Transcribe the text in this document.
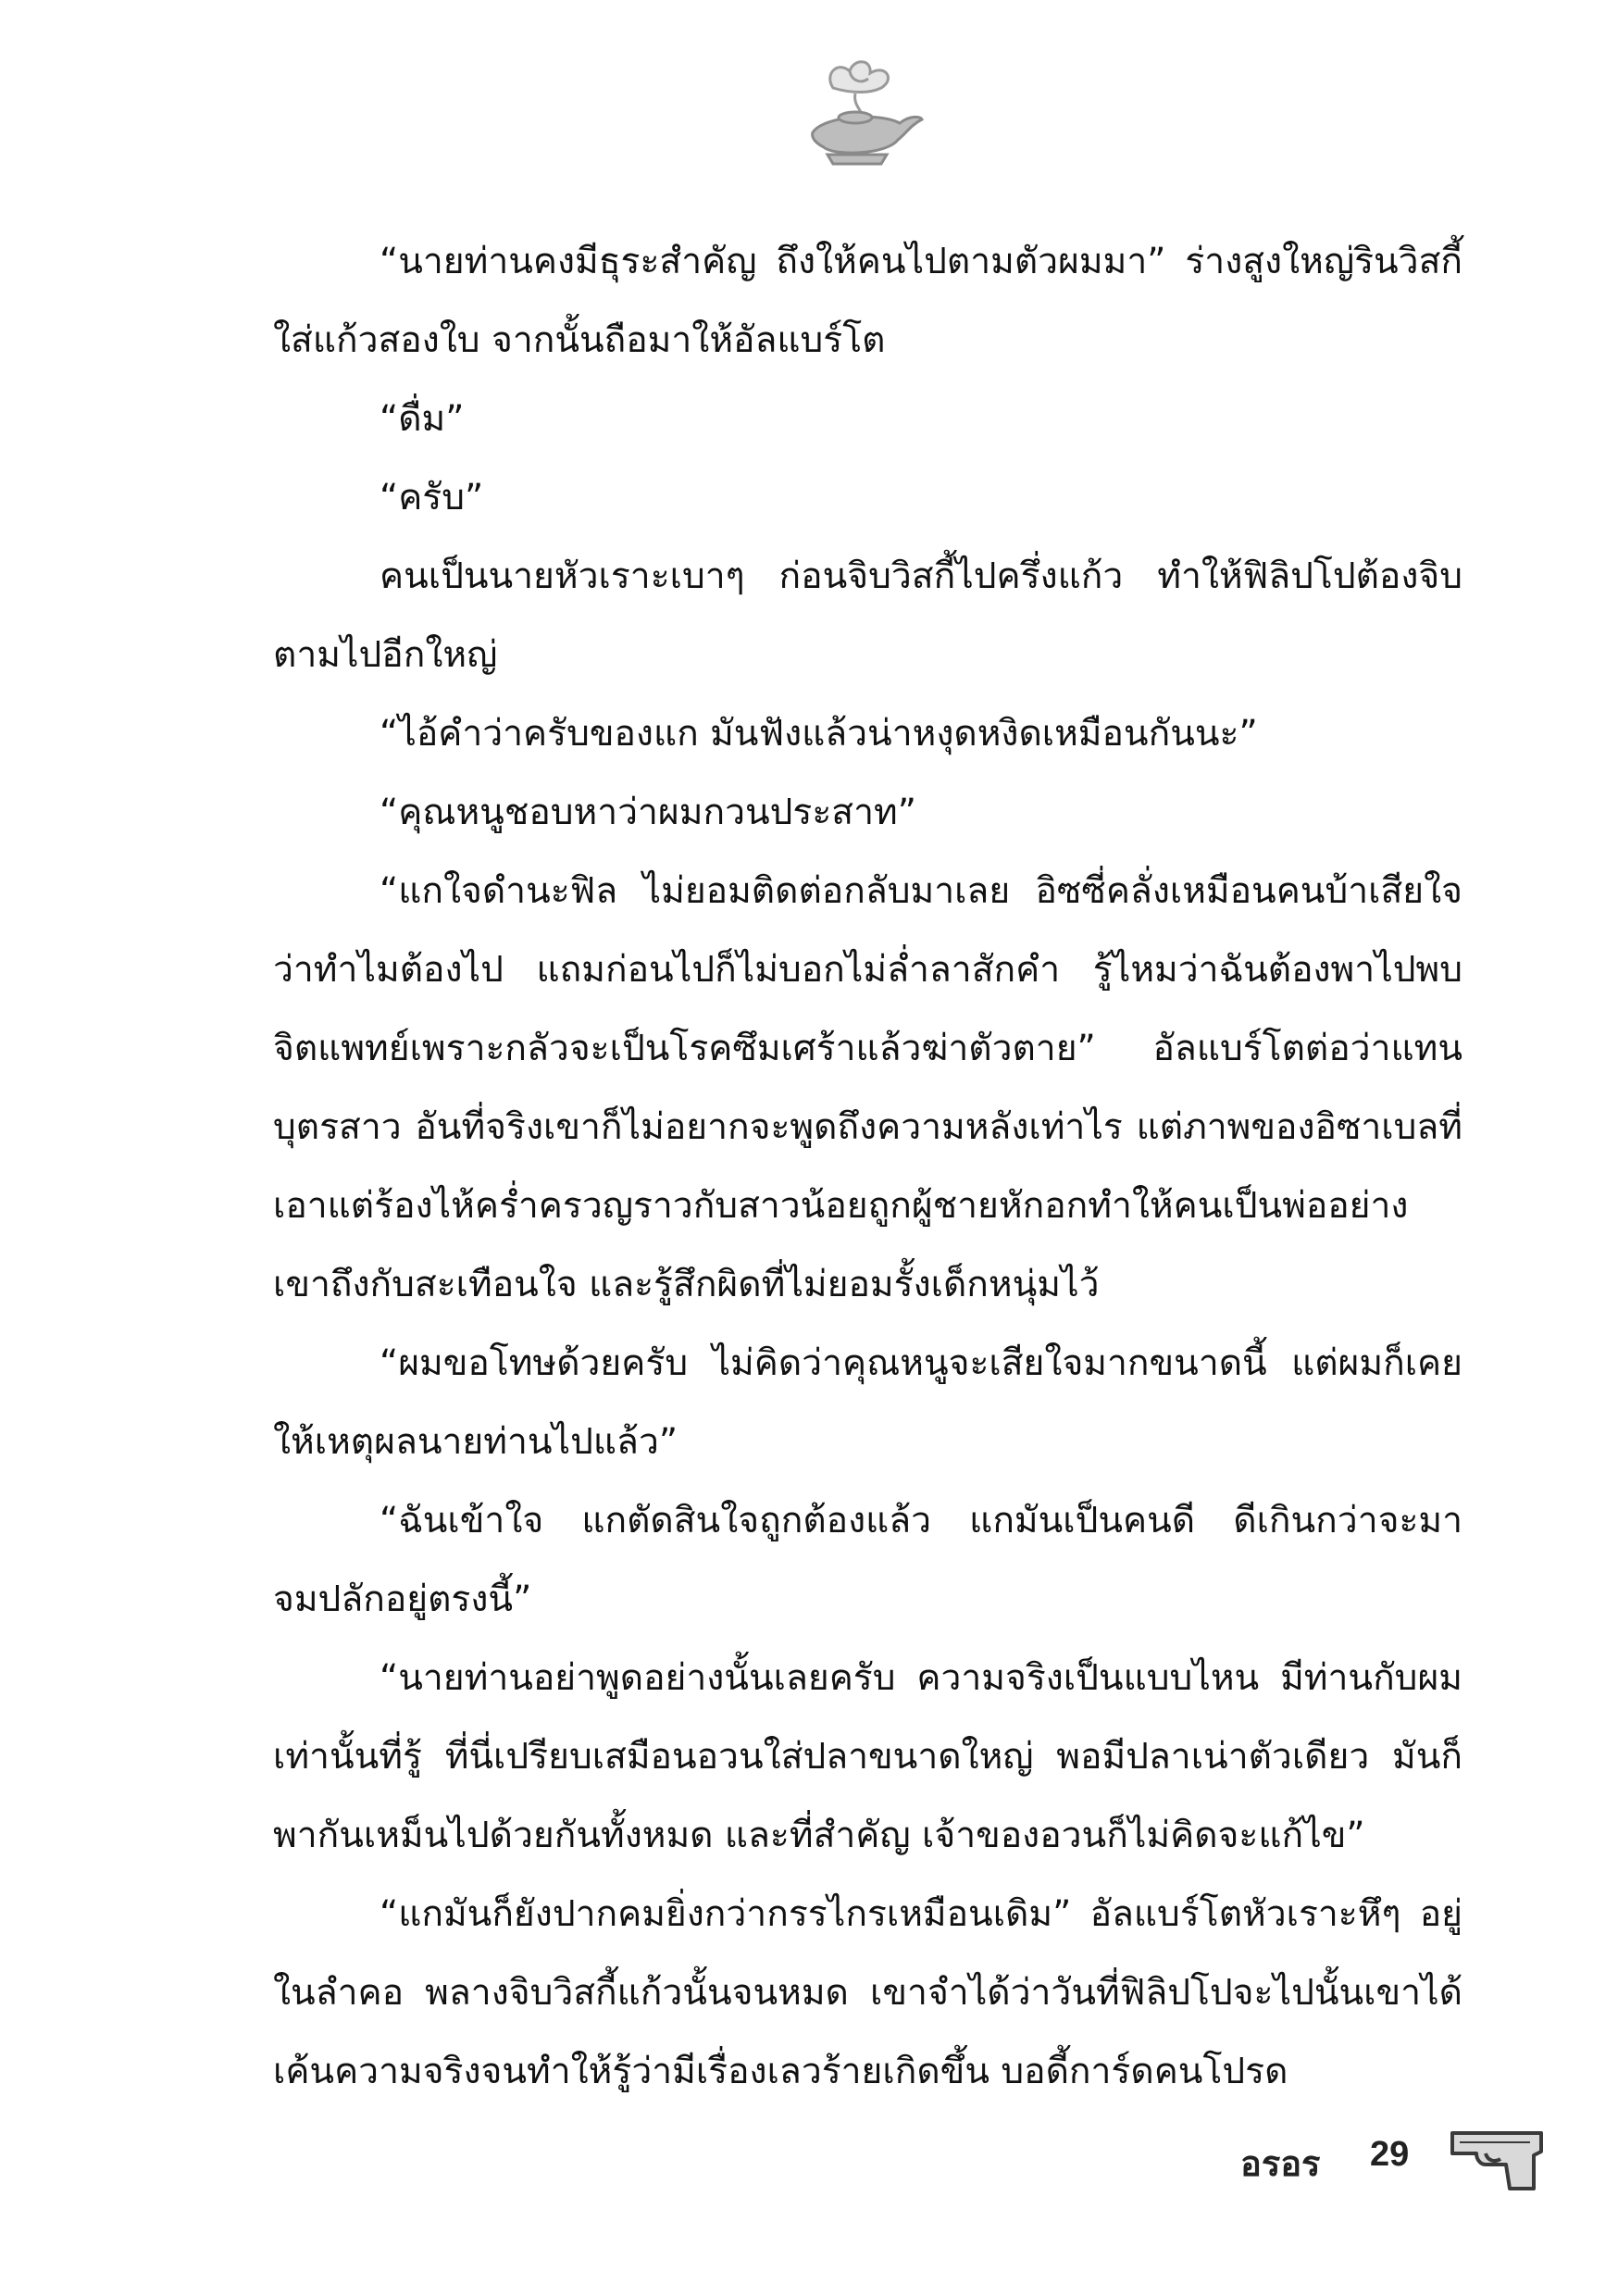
“นายท่านคงมีธุระสำคัญ ถึงให้คนไปตามตัวผมมา” ร่างสูงใหญ่รินวิสกี้ใส่แก้วสองใบ จากนั้นถือมาให้อัลแบร์โต

“ดื่ม”

“ครับ”

คนเป็นนายหัวเราะเบาๆ ก่อนจิบวิสกี้ไปครึ่งแก้ว ทำให้ฟิลิปโปต้องจิบตามไปอีกใหญ่

“ไอ้คำว่าครับของแก มันฟังแล้วน่าหงุดหงิดเหมือนกันนะ”

“คุณหนูชอบหาว่าผมกวนประสาท”

“แกใจดำนะฟิล ไม่ยอมติดต่อกลับมาเลย อิซซี่คลั่งเหมือนคนบ้าเสียใจว่าทำไมต้องไป แถมก่อนไปก็ไม่บอกไม่ล่ำลาสักคำ รู้ไหมว่าฉันต้องพาไปพบจิตแพทย์เพราะกลัวจะเป็นโรคซึมเศร้าแล้วฆ่าตัวตาย” อัลแบร์โตต่อว่าแทนบุตรสาว อันที่จริงเขาก็ไม่อยากจะพูดถึงความหลังเท่าไร แต่ภาพของอิซาเบลที่เอาแต่ร้องไห้คร่ำครวญราวกับสาวน้อยถูกผู้ชายหักอกทำให้คนเป็นพ่ออย่างเขาถึงกับสะเทือนใจ และรู้สึกผิดที่ไม่ยอมรั้งเด็กหนุ่มไว้

“ผมขอโทษด้วยครับ ไม่คิดว่าคุณหนูจะเสียใจมากขนาดนี้ แต่ผมก็เคยให้เหตุผลนายท่านไปแล้ว”

“ฉันเข้าใจ แกตัดสินใจถูกต้องแล้ว แกมันเป็นคนดี ดีเกินกว่าจะมาจมปลักอยู่ตรงนี้”

“นายท่านอย่าพูดอย่างนั้นเลยครับ ความจริงเป็นแบบไหน มีท่านกับผมเท่านั้นที่รู้ ที่นี่เปรียบเสมือนอวนใส่ปลาขนาดใหญ่ พอมีปลาเน่าตัวเดียว มันก็พากันเหม็นไปด้วยกันทั้งหมด และที่สำคัญ เจ้าของอวนก็ไม่คิดจะแก้ไข”

“แกมันก็ยังปากคมยิ่งกว่ากรรไกรเหมือนเดิม” อัลแบร์โตหัวเราะหึๆ อยู่ในลำคอ พลางจิบวิสกี้แก้วนั้นจนหมด เขาจำได้ว่าวันที่ฟิลิปโปจะไปนั้นเขาได้เค้นความจริงจนทำให้รู้ว่ามีเรื่องเลวร้ายเกิดขึ้น บอดี้การ์ดคนโปรด

อรอร 29
